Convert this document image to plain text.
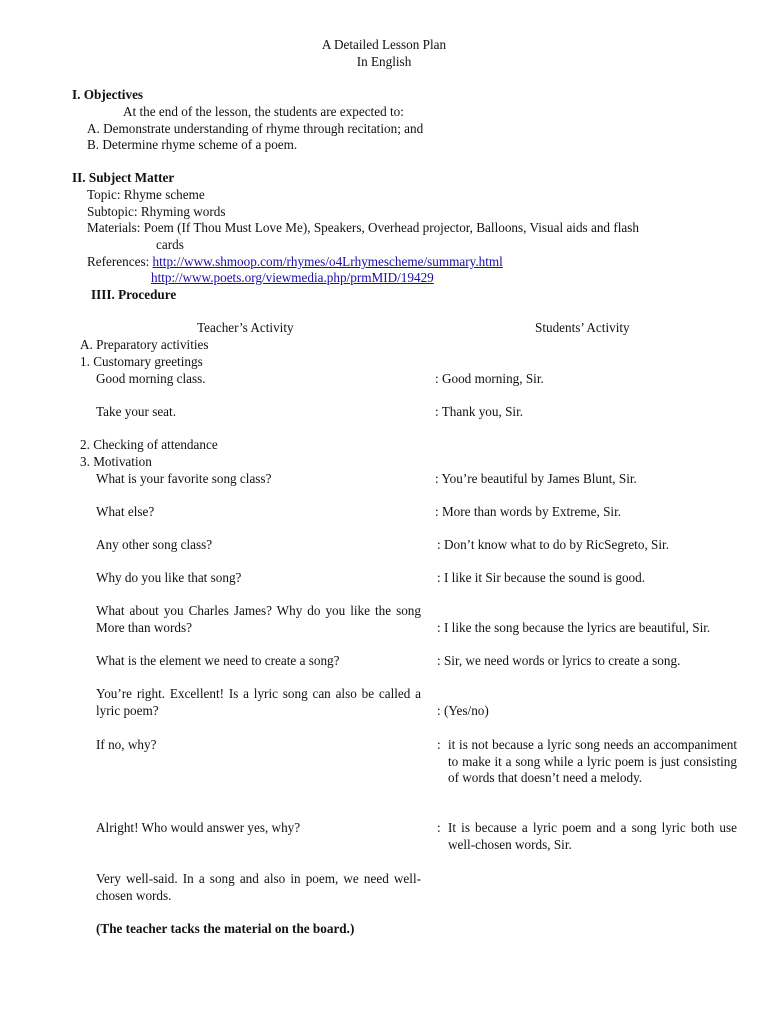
A Detailed Lesson Plan
In English
I. Objectives
At the end of the lesson, the students are expected to:
A. Demonstrate understanding of rhyme through recitation; and
B. Determine rhyme scheme of a poem.
II. Subject Matter
Topic: Rhyme scheme
Subtopic: Rhyming words
Materials: Poem (If Thou Must Love Me), Speakers, Overhead projector, Balloons, Visual aids and flash
cards
References: http://www.shmoop.com/rhymes/o4Lrhymescheme/summary.html
http://www.poets.org/viewmedia.php/prmMID/19429
IIII. Procedure
Teacher’s Activity	Students’ Activity
A. Preparatory activities
1. Customary greetings
Good morning class.	: Good morning, Sir.
Take your seat.	: Thank you, Sir.
2. Checking of attendance
3. Motivation
What is your favorite song class?	: You’re beautiful by James Blunt, Sir.
What else?	: More than words by Extreme, Sir.
Any other song class?	: Don’t know what to do by RicSegreto, Sir.
Why do you like that song?	: I like it Sir because the sound is good.
What about you Charles James? Why do you like the song More than words?	: I like the song because the lyrics are beautiful, Sir.
What is the element we need to create a song?	: Sir, we need words or lyrics to create a song.
You’re right. Excellent! Is a lyric song can also be called a lyric poem?	: (Yes/no)
If no, why?	: it is not because a lyric song needs an accompaniment to make it a song while a lyric poem is just consisting of words that doesn’t need a melody.
Alright! Who would answer yes, why?	: It is because a lyric poem and a song lyric both use well-chosen words, Sir.
Very well-said. In a song and also in poem, we need well-chosen words.
(The teacher tacks the material on the board.)
